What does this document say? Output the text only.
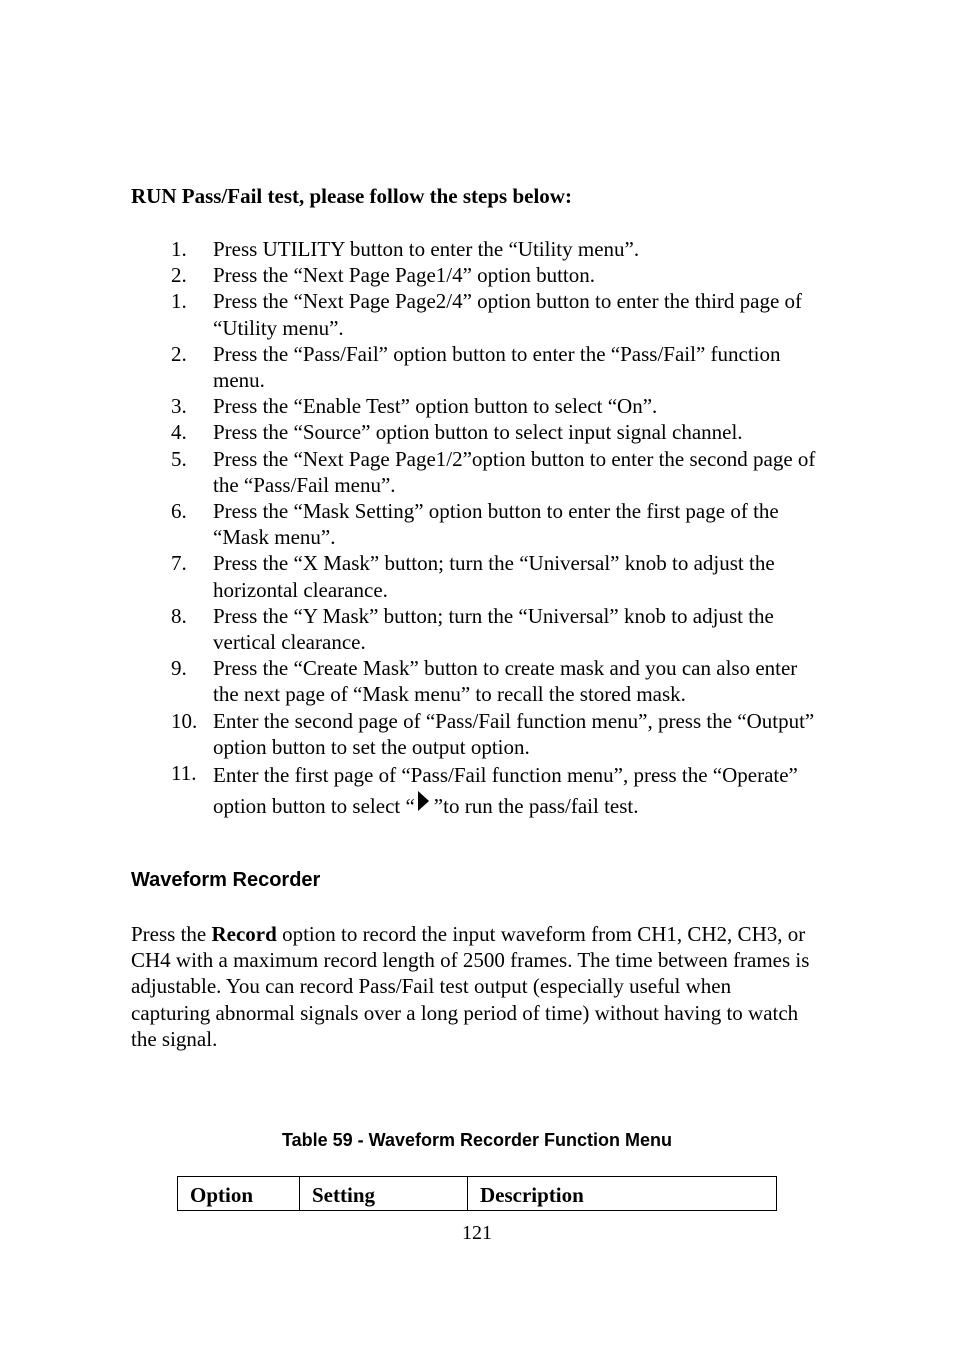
RUN Pass/Fail test, please follow the steps below:
1. Press UTILITY button to enter the “Utility menu”.
2. Press the “Next Page Page1/4” option button.
1. Press the “Next Page Page2/4” option button to enter the third page of “Utility menu”.
2. Press the “Pass/Fail” option button to enter the “Pass/Fail” function menu.
3. Press the “Enable Test” option button to select “On”.
4. Press the “Source” option button to select input signal channel.
5. Press the “Next Page Page1/2”option button to enter the second page of the “Pass/Fail menu”.
6. Press the “Mask Setting” option button to enter the first page of the “Mask menu”.
7. Press the “X Mask” button; turn the “Universal” knob to adjust the horizontal clearance.
8. Press the “Y Mask” button; turn the “Universal” knob to adjust the vertical clearance.
9. Press the “Create Mask” button to create mask and you can also enter the next page of “Mask menu” to recall the stored mask.
10. Enter the second page of “Pass/Fail function menu”, press the “Output” option button to set the output option.
11. Enter the first page of “Pass/Fail function menu”, press the “Operate” option button to select “ ”to run the pass/fail test.
Waveform Recorder

Press the Record option to record the input waveform from CH1, CH2, CH3, or CH4 with a maximum record length of 2500 frames. The time between frames is adjustable. You can record Pass/Fail test output (especially useful when capturing abnormal signals over a long period of time) without having to watch the signal.

Table 59 - Waveform Recorder Function Menu
Option	Setting	Description
121
